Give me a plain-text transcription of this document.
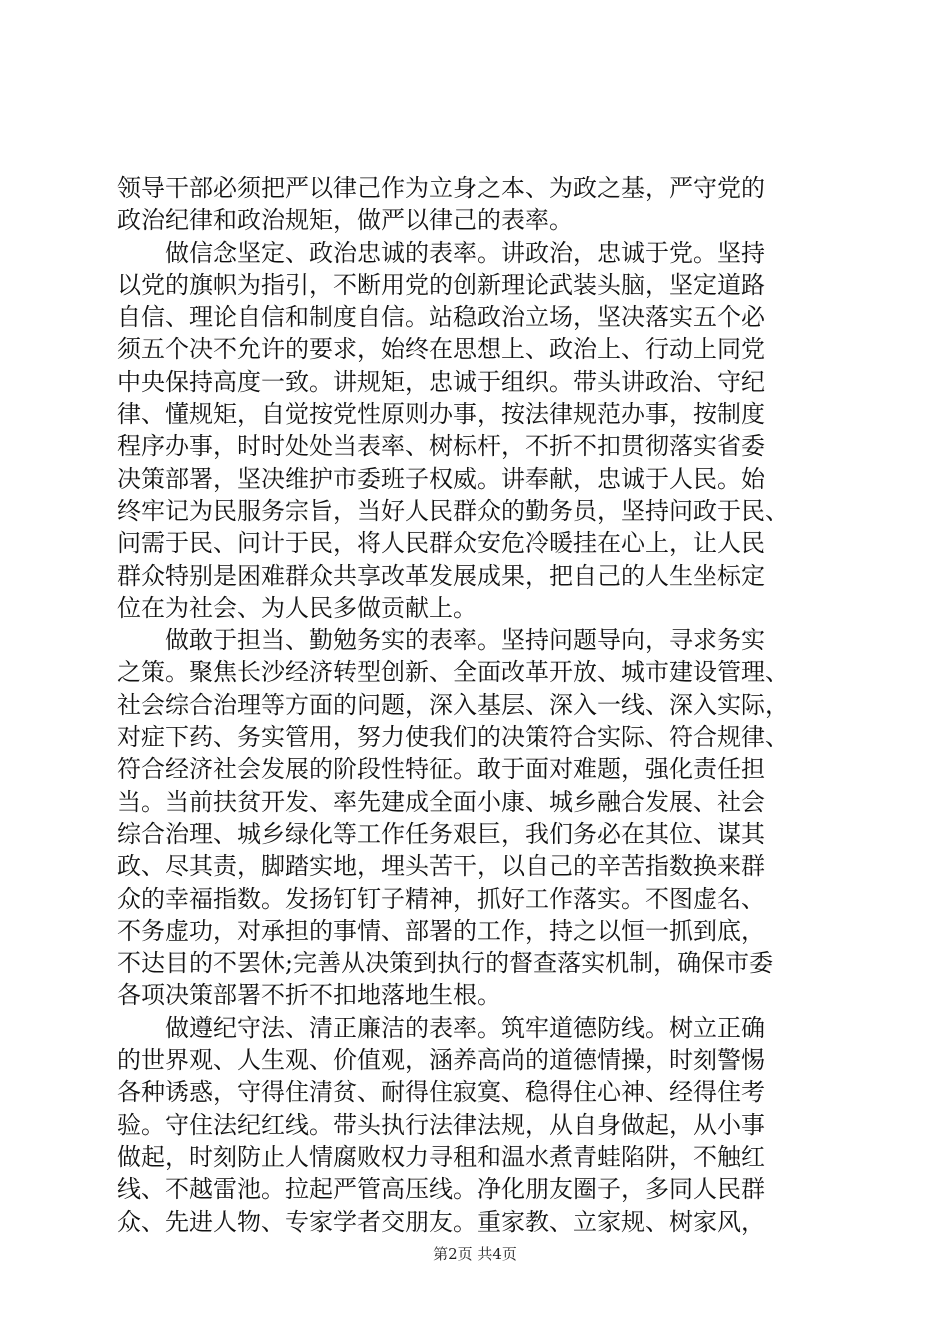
领导干部必须把严以律己作为立身之本、为政之基，严守党的
政治纪律和政治规矩，做严以律己的表率。
　　做信念坚定、政治忠诚的表率。讲政治，忠诚于党。坚持
以党的旗帜为指引，不断用党的创新理论武装头脑，坚定道路
自信、理论自信和制度自信。站稳政治立场，坚决落实五个必
须五个决不允许的要求，始终在思想上、政治上、行动上同党
中央保持高度一致。讲规矩，忠诚于组织。带头讲政治、守纪
律、懂规矩，自觉按党性原则办事，按法律规范办事，按制度
程序办事，时时处处当表率、树标杆，不折不扣贯彻落实省委
决策部署，坚决维护市委班子权威。讲奉献，忠诚于人民。始
终牢记为民服务宗旨，当好人民群众的勤务员，坚持问政于民、
问需于民、问计于民，将人民群众安危冷暖挂在心上，让人民
群众特别是困难群众共享改革发展成果，把自己的人生坐标定
位在为社会、为人民多做贡献上。
　　做敢于担当、勤勉务实的表率。坚持问题导向，寻求务实
之策。聚焦长沙经济转型创新、全面改革开放、城市建设管理、
社会综合治理等方面的问题，深入基层、深入一线、深入实际，
对症下药、务实管用，努力使我们的决策符合实际、符合规律、
符合经济社会发展的阶段性特征。敢于面对难题，强化责任担
当。当前扶贫开发、率先建成全面小康、城乡融合发展、社会
综合治理、城乡绿化等工作任务艰巨，我们务必在其位、谋其
政、尽其责，脚踏实地，埋头苦干，以自己的辛苦指数换来群
众的幸福指数。发扬钉钉子精神，抓好工作落实。不图虚名、
不务虚功，对承担的事情、部署的工作，持之以恒一抓到底，
不达目的不罢休;完善从决策到执行的督查落实机制，确保市委
各项决策部署不折不扣地落地生根。
　　做遵纪守法、清正廉洁的表率。筑牢道德防线。树立正确
的世界观、人生观、价值观，涵养高尚的道德情操，时刻警惕
各种诱惑，守得住清贫、耐得住寂寞、稳得住心神、经得住考
验。守住法纪红线。带头执行法律法规，从自身做起，从小事
做起，时刻防止人情腐败权力寻租和温水煮青蛙陷阱，不触红
线、不越雷池。拉起严管高压线。净化朋友圈子，多同人民群
众、先进人物、专家学者交朋友。重家教、立家规、树家风，
第2页 共4页
